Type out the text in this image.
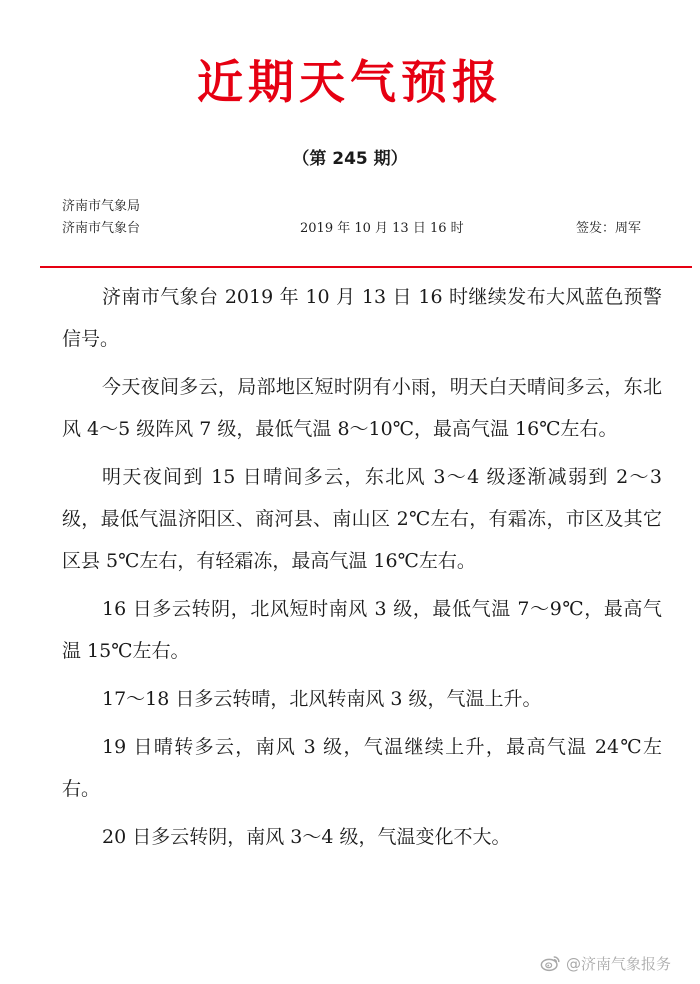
近期天气预报
（第 245 期）
济南市气象局
济南市气象台	2019 年 10 月 13 日 16 时	签发：周军

济南市气象台 2019 年 10 月 13 日 16 时继续发布大风蓝色预警信号。

今天夜间多云，局部地区短时阴有小雨，明天白天晴间多云，东北风 4～5 级阵风 7 级，最低气温 8～10℃，最高气温 16℃左右。

明天夜间到 15 日晴间多云，东北风 3～4 级逐渐减弱到 2～3 级，最低气温济阳区、商河县、南山区 2℃左右，有霜冻，市区及其它区县 5℃左右，有轻霜冻，最高气温 16℃左右。

16 日多云转阴，北风短时南风 3 级，最低气温 7～9℃，最高气温 15℃左右。

17～18 日多云转晴，北风转南风 3 级，气温上升。

19 日晴转多云，南风 3 级，气温继续上升，最高气温 24℃左右。

20 日多云转阴，南风 3～4 级，气温变化不大。

@济南气象报务
